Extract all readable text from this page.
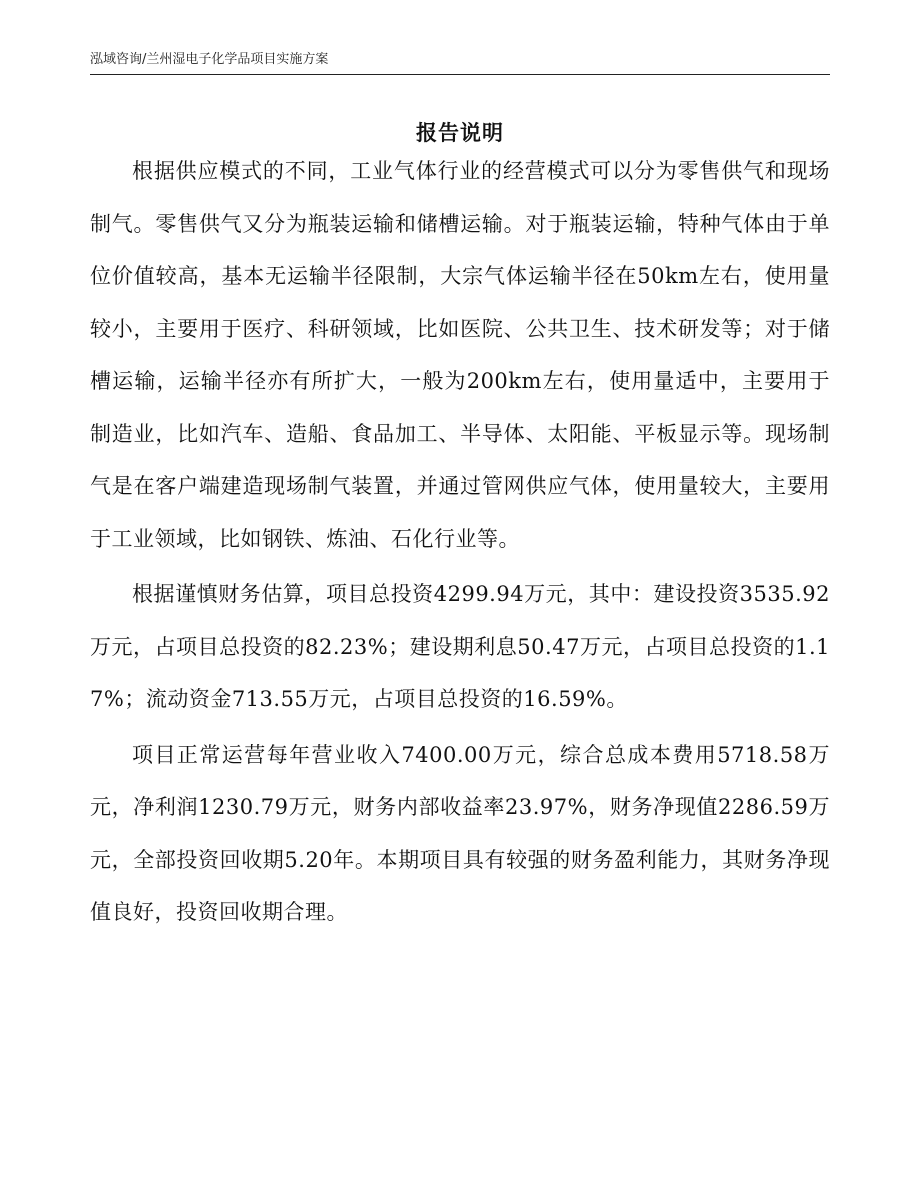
泓域咨询/兰州湿电子化学品项目实施方案
报告说明

根据供应模式的不同，工业气体行业的经营模式可以分为零售供气和现场制气。零售供气又分为瓶装运输和储槽运输。对于瓶装运输，特种气体由于单位价值较高，基本无运输半径限制，大宗气体运输半径在50km左右，使用量较小，主要用于医疗、科研领域，比如医院、公共卫生、技术研发等；对于储槽运输，运输半径亦有所扩大，一般为200km左右，使用量适中，主要用于制造业，比如汽车、造船、食品加工、半导体、太阳能、平板显示等。现场制气是在客户端建造现场制气装置，并通过管网供应气体，使用量较大，主要用于工业领域，比如钢铁、炼油、石化行业等。

根据谨慎财务估算，项目总投资4299.94万元，其中：建设投资3535.92万元，占项目总投资的82.23%；建设期利息50.47万元，占项目总投资的1.17%；流动资金713.55万元，占项目总投资的16.59%。

项目正常运营每年营业收入7400.00万元，综合总成本费用5718.58万元，净利润1230.79万元，财务内部收益率23.97%，财务净现值2286.59万元，全部投资回收期5.20年。本期项目具有较强的财务盈利能力，其财务净现值良好，投资回收期合理。
